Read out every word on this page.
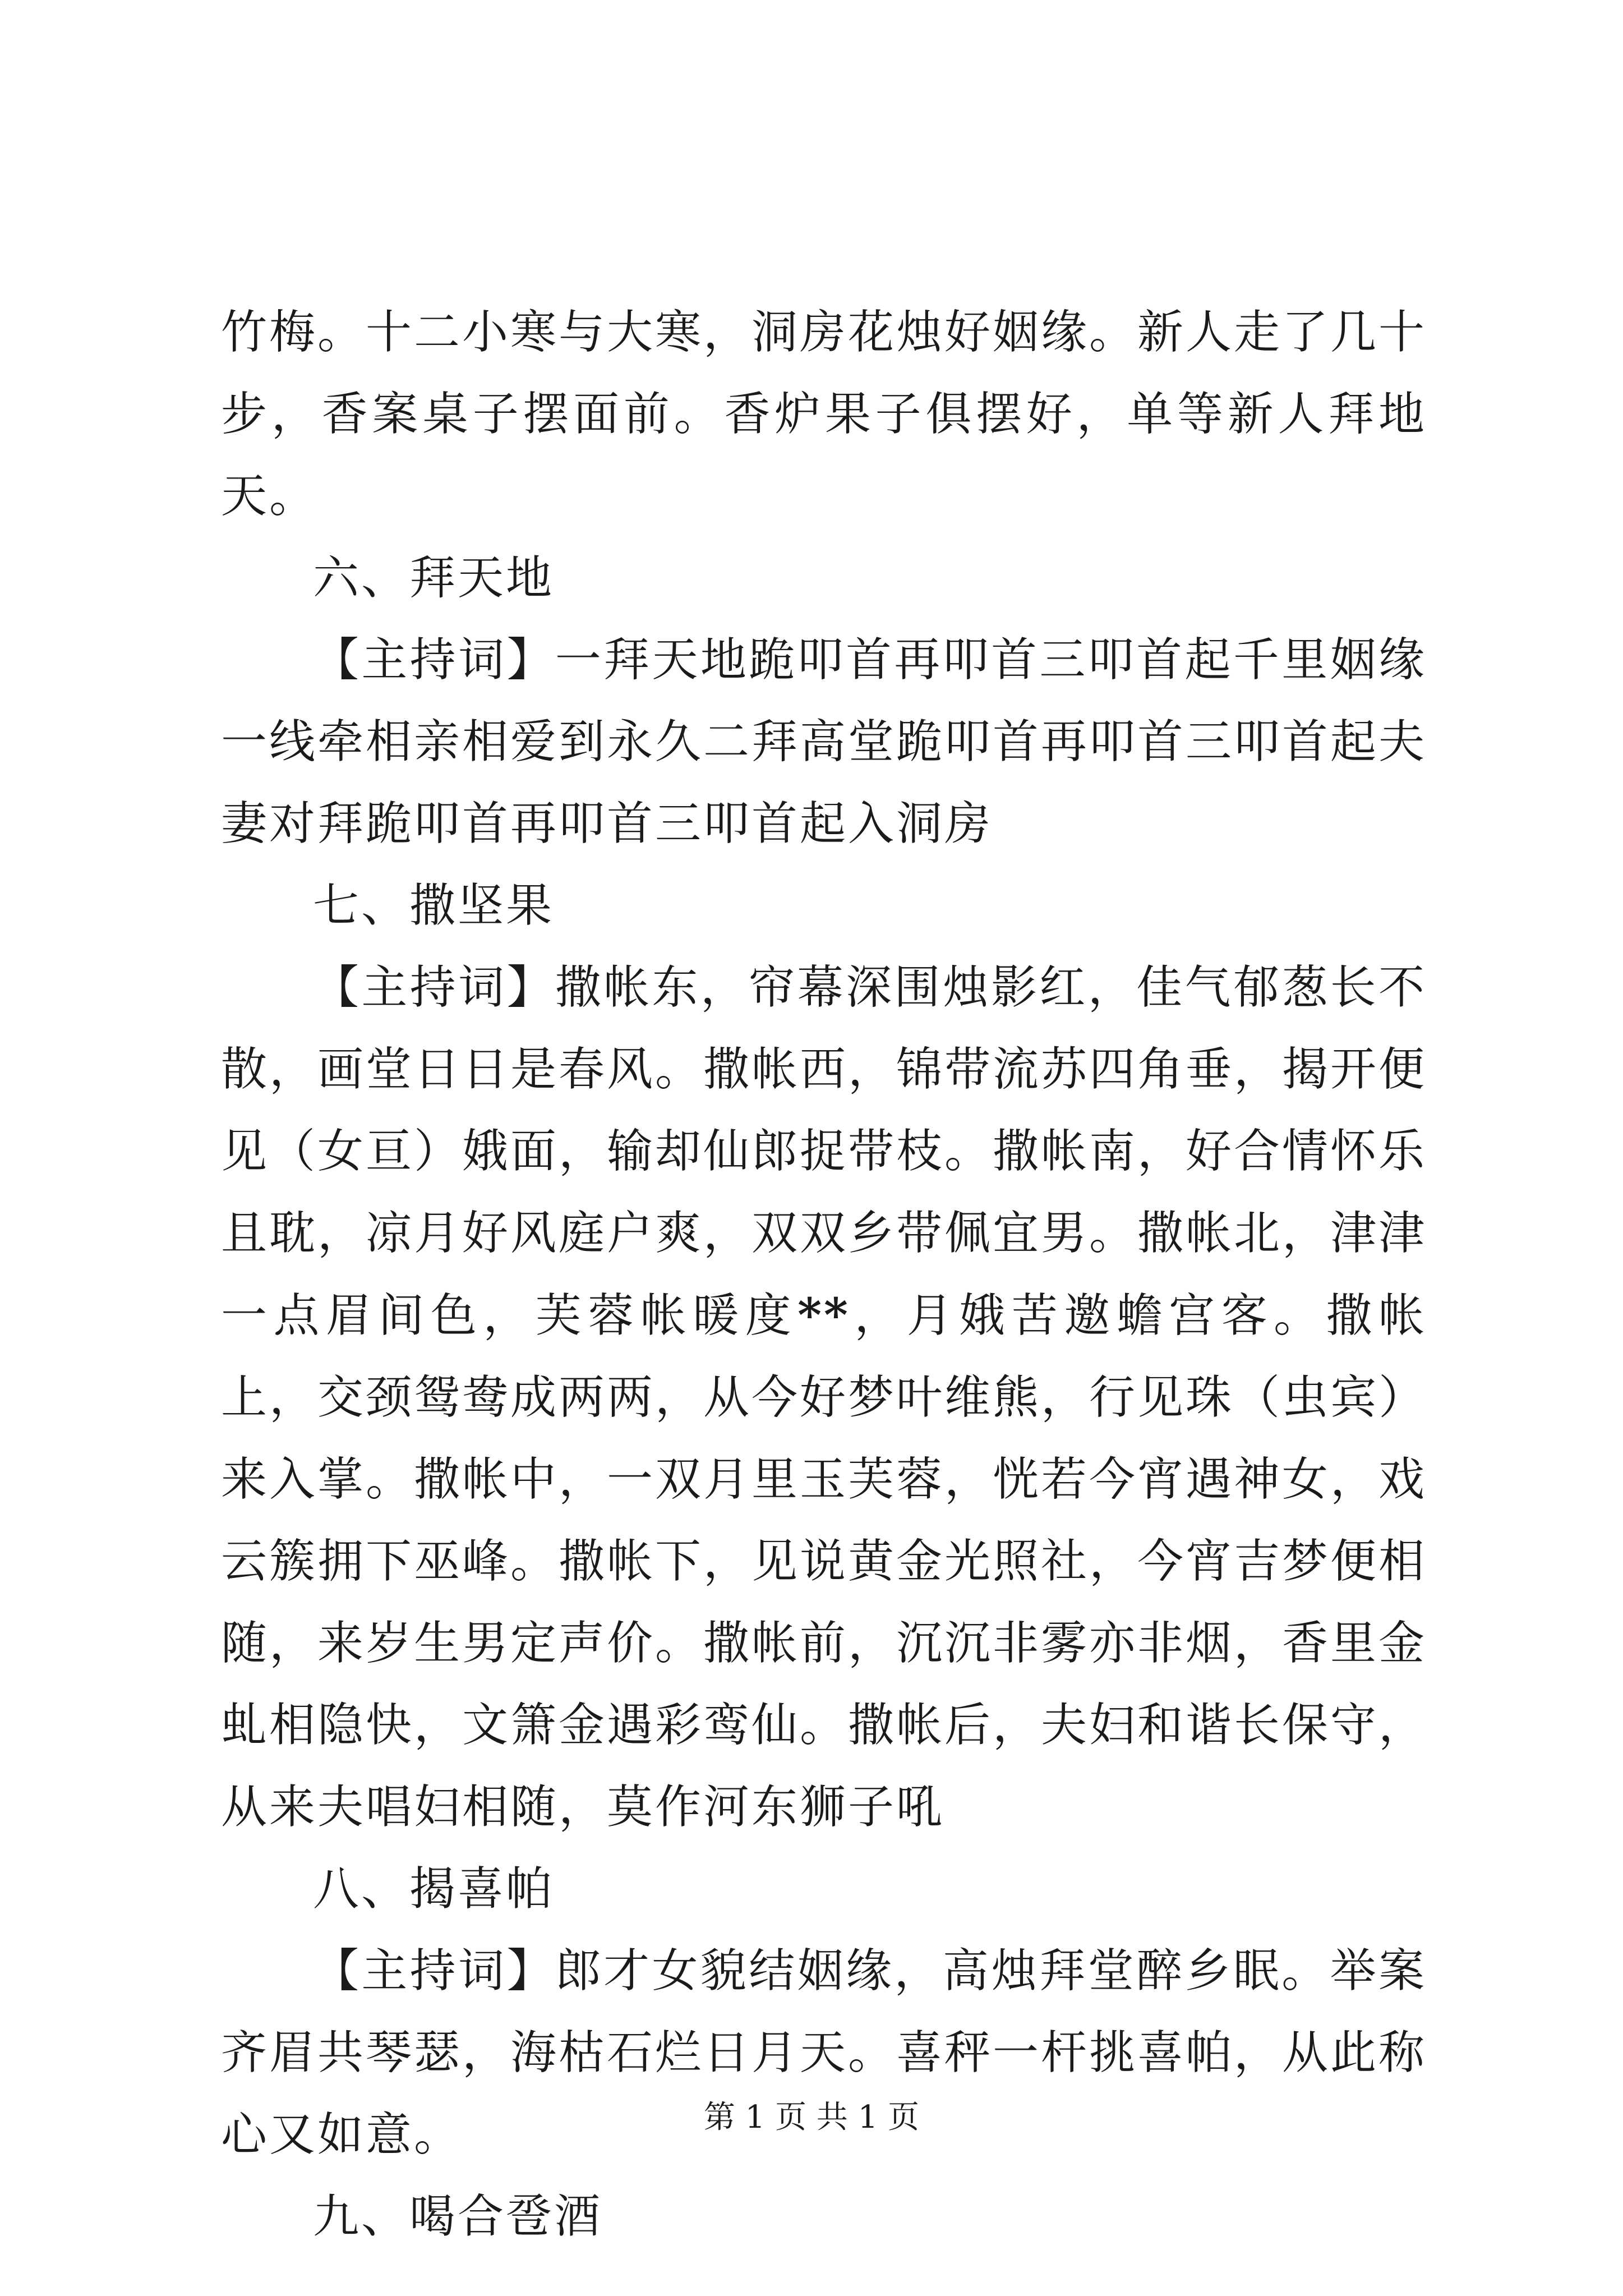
竹梅。十二小寒与大寒，洞房花烛好姻缘。新人走了几十步，香案桌子摆面前。香炉果子俱摆好，单等新人拜地天。

六、拜天地

【主持词】一拜天地跪叩首再叩首三叩首起千里姻缘一线牵相亲相爱到永久二拜高堂跪叩首再叩首三叩首起夫妻对拜跪叩首再叩首三叩首起入洞房

七、撒坚果

【主持词】撒帐东，帘幕深围烛影红，佳气郁葱长不散，画堂日日是春风。撒帐西，锦带流苏四角垂，揭开便见（女亘）娥面，输却仙郎捉带枝。撒帐南，好合情怀乐且耽，凉月好风庭户爽，双双乡带佩宜男。撒帐北，津津一点眉间色，芙蓉帐暖度**，月娥苦邀蟾宫客。撒帐上，交颈鸳鸯成两两，从今好梦叶维熊，行见珠（虫宾）来入掌。撒帐中，一双月里玉芙蓉，恍若今宵遇神女，戏云簇拥下巫峰。撒帐下，见说黄金光照社，今宵吉梦便相随，来岁生男定声价。撒帐前，沉沉非雾亦非烟，香里金虬相隐快，文箫金遇彩鸾仙。撒帐后，夫妇和谐长保守，从来夫唱妇相随，莫作河东狮子吼

八、揭喜帕

【主持词】郎才女貌结姻缘，高烛拜堂醉乡眠。举案齐眉共琴瑟，海枯石烂日月天。喜秤一杆挑喜帕，从此称心又如意。

九、喝合卺酒

第 1 页 共 1 页
